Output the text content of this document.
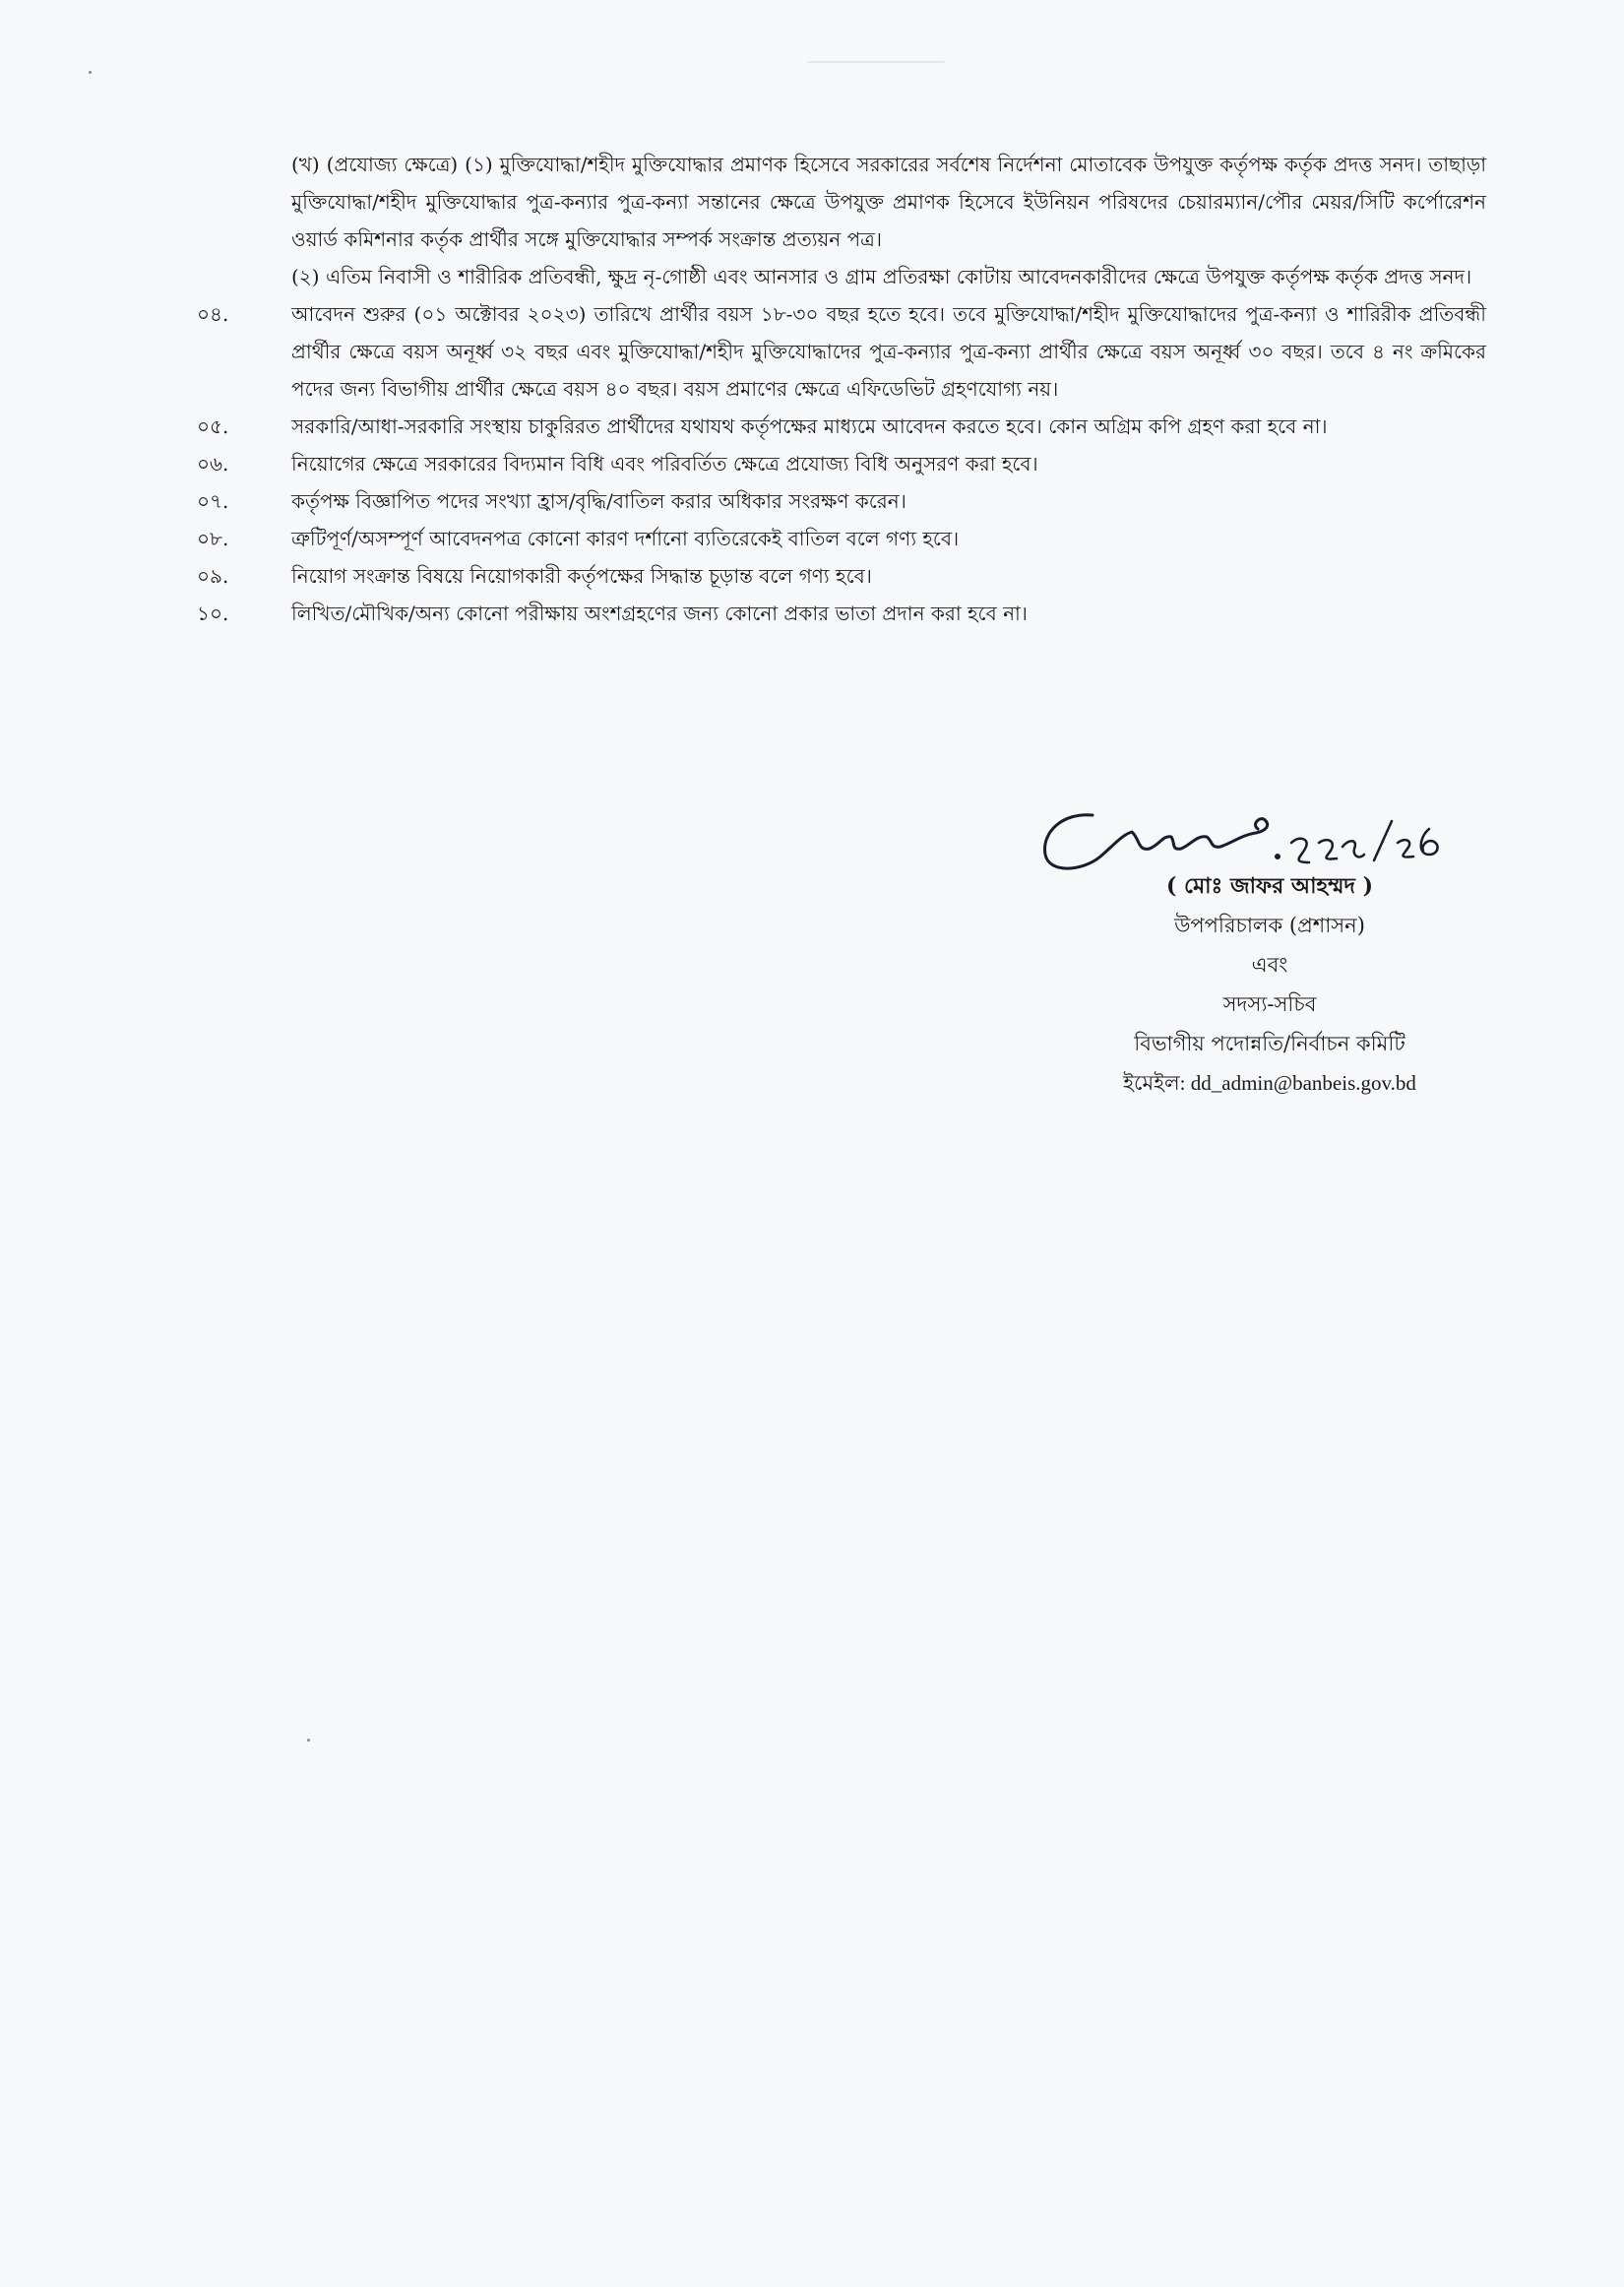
(খ) (প্রযোজ্য ক্ষেত্রে) (১) মুক্তিযোদ্ধা/শহীদ মুক্তিযোদ্ধার প্রমাণক হিসেবে সরকারের সর্বশেষ নির্দেশনা মোতাবেক উপযুক্ত কর্তৃপক্ষ কর্তৃক প্রদত্ত সনদ। তাছাড়া মুক্তিযোদ্ধা/শহীদ মুক্তিযোদ্ধার পুত্র-কন্যার পুত্র-কন্যা সন্তানের ক্ষেত্রে উপযুক্ত প্রমাণক হিসেবে ইউনিয়ন পরিষদের চেয়ারম্যান/পৌর মেয়র/সিটি কর্পোরেশন ওয়ার্ড কমিশনার কর্তৃক প্রার্থীর সঙ্গে মুক্তিযোদ্ধার সম্পর্ক সংক্রান্ত প্রত্যয়ন পত্র।

(২) এতিম নিবাসী ও শারীরিক প্রতিবন্ধী, ক্ষুদ্র নৃ-গোষ্ঠী এবং আনসার ও গ্রাম প্রতিরক্ষা কোটায় আবেদনকারীদের ক্ষেত্রে উপযুক্ত কর্তৃপক্ষ কর্তৃক প্রদত্ত সনদ।

০৪.	আবেদন শুরুর (০১ অক্টোবর ২০২৩) তারিখে প্রার্থীর বয়স ১৮-৩০ বছর হতে হবে। তবে মুক্তিযোদ্ধা/শহীদ মুক্তিযোদ্ধাদের পুত্র-কন্যা ও শারিরীক প্রতিবন্ধী প্রার্থীর ক্ষেত্রে বয়স অনূর্ধ্ব ৩২ বছর এবং মুক্তিযোদ্ধা/শহীদ মুক্তিযোদ্ধাদের পুত্র-কন্যার পুত্র-কন্যা প্রার্থীর ক্ষেত্রে বয়স অনূর্ধ্ব ৩০ বছর। তবে ৪ নং ক্রমিকের পদের জন্য বিভাগীয় প্রার্থীর ক্ষেত্রে বয়স ৪০ বছর। বয়স প্রমাণের ক্ষেত্রে এফিডেভিট গ্রহণযোগ্য নয়।
০৫.	সরকারি/আধা-সরকারি সংস্থায় চাকুরিরত প্রার্থীদের যথাযথ কর্তৃপক্ষের মাধ্যমে আবেদন করতে হবে। কোন অগ্রিম কপি গ্রহণ করা হবে না।
০৬.	নিয়োগের ক্ষেত্রে সরকারের বিদ্যমান বিধি এবং পরিবর্তিত ক্ষেত্রে প্রযোজ্য বিধি অনুসরণ করা হবে।
০৭.	কর্তৃপক্ষ বিজ্ঞাপিত পদের সংখ্যা হ্রাস/বৃদ্ধি/বাতিল করার অধিকার সংরক্ষণ করেন।
০৮.	ত্রুটিপূর্ণ/অসম্পূর্ণ আবেদনপত্র কোনো কারণ দর্শানো ব্যতিরেকেই বাতিল বলে গণ্য হবে।
০৯.	নিয়োগ সংক্রান্ত বিষয়ে নিয়োগকারী কর্তৃপক্ষের সিদ্ধান্ত চূড়ান্ত বলে গণ্য হবে।
১০.	লিখিত/মৌখিক/অন্য কোনো পরীক্ষায় অংশগ্রহণের জন্য কোনো প্রকার ভাতা প্রদান করা হবে না।
( মোঃ জাফর আহম্মদ )
উপপরিচালক (প্রশাসন)
এবং
সদস্য-সচিব
বিভাগীয় পদোন্নতি/নির্বাচন কমিটি
ইমেইল: dd_admin@banbeis.gov.bd
